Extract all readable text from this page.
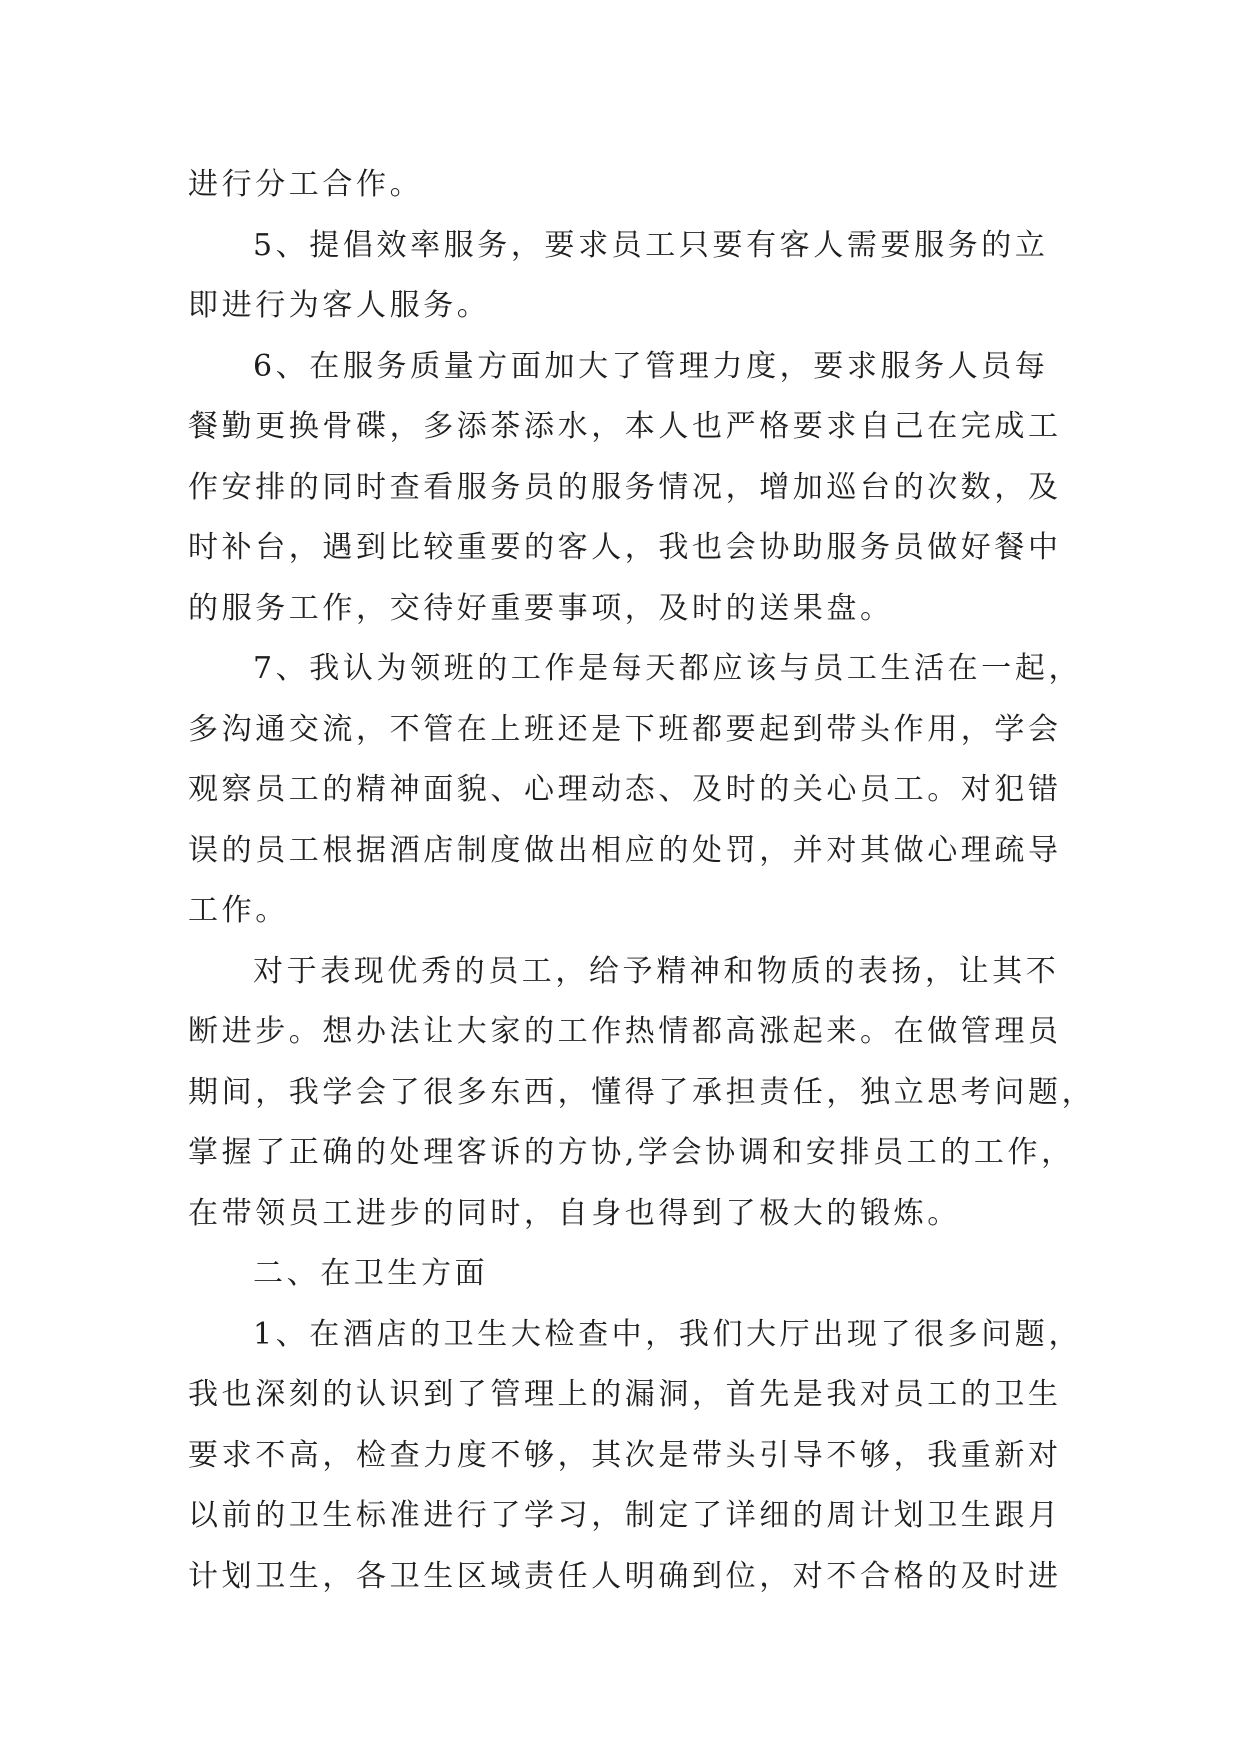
进行分工合作。
5、提倡效率服务，要求员工只要有客人需要服务的立
即进行为客人服务。
6、在服务质量方面加大了管理力度，要求服务人员每
餐勤更换骨碟，多添茶添水，本人也严格要求自己在完成工
作安排的同时查看服务员的服务情况，增加巡台的次数，及
时补台，遇到比较重要的客人，我也会协助服务员做好餐中
的服务工作，交待好重要事项，及时的送果盘。
7、我认为领班的工作是每天都应该与员工生活在一起，
多沟通交流，不管在上班还是下班都要起到带头作用，学会
观察员工的精神面貌、心理动态、及时的关心员工。对犯错
误的员工根据酒店制度做出相应的处罚，并对其做心理疏导
工作。
对于表现优秀的员工，给予精神和物质的表扬，让其不
断进步。想办法让大家的工作热情都高涨起来。在做管理员
期间，我学会了很多东西，懂得了承担责任，独立思考问题，
掌握了正确的处理客诉的方协,学会协调和安排员工的工作，
在带领员工进步的同时，自身也得到了极大的锻炼。
二、在卫生方面
1、在酒店的卫生大检查中，我们大厅出现了很多问题，
我也深刻的认识到了管理上的漏洞，首先是我对员工的卫生
要求不高，检查力度不够，其次是带头引导不够，我重新对
以前的卫生标准进行了学习，制定了详细的周计划卫生跟月
计划卫生，各卫生区域责任人明确到位，对不合格的及时进
